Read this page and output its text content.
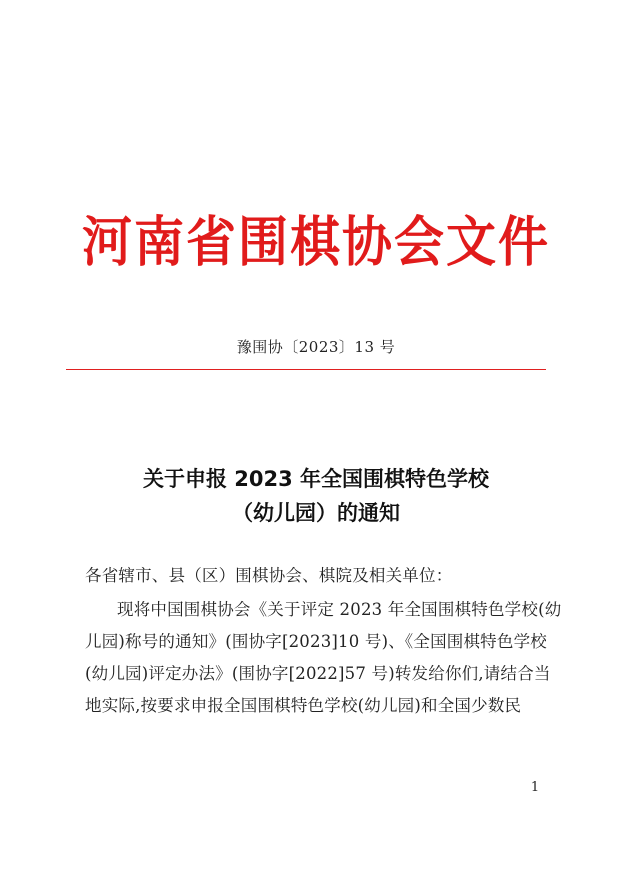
河南省围棋协会文件
豫围协〔2023〕13 号
关于申报 2023 年全国围棋特色学校
（幼儿园）的通知
各省辖市、县（区）围棋协会、棋院及相关单位：
现将中国围棋协会《关于评定 2023 年全国围棋特色学校(幼
儿园)称号的通知》(围协字[2023]10 号)、《全国围棋特色学校
(幼儿园)评定办法》(围协字[2022]57 号)转发给你们,请结合当
地实际,按要求申报全国围棋特色学校(幼儿园)和全国少数民
1
